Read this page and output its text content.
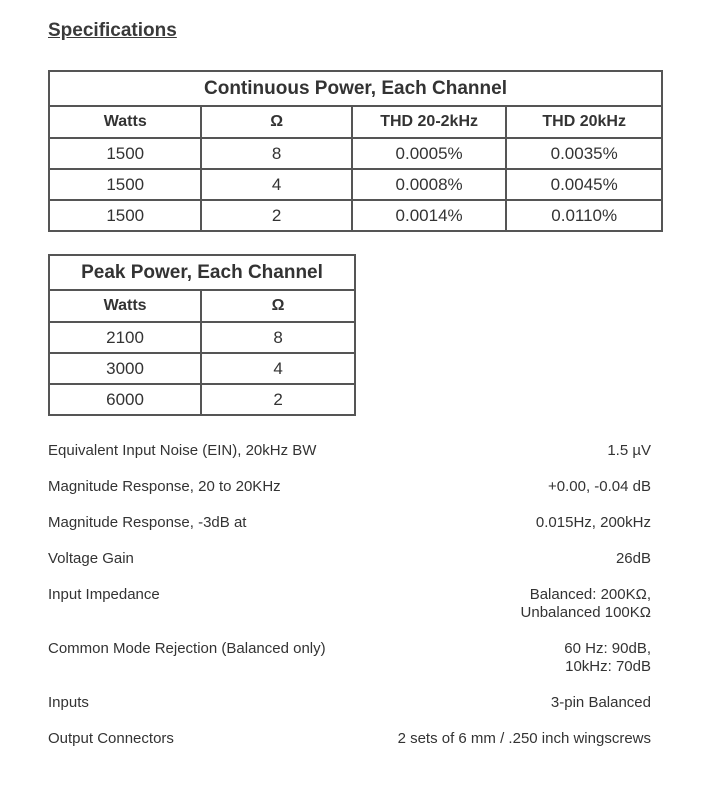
Specifications
Continuous Power, Each Channel			
Watts	Ω	THD 20-2kHz	THD 20kHz
1500	8	0.0005%	0.0035%
1500	4	0.0008%	0.0045%
1500	2	0.0014%	0.0110%
Peak Power, Each Channel	
Watts	Ω
2100	8
3000	4
6000	2
Equivalent Input Noise (EIN), 20kHz BW	1.5 µV
Magnitude Response, 20 to 20KHz	+0.00, -0.04 dB
Magnitude Response, -3dB at	0.015Hz, 200kHz
Voltage Gain	26dB
Input Impedance	Balanced: 200KΩ,
Unbalanced 100KΩ
Common Mode Rejection (Balanced only)	60 Hz: 90dB,
10kHz: 70dB
Inputs	3-pin Balanced
Output Connectors	2 sets of 6 mm / .250 inch wingscrews
